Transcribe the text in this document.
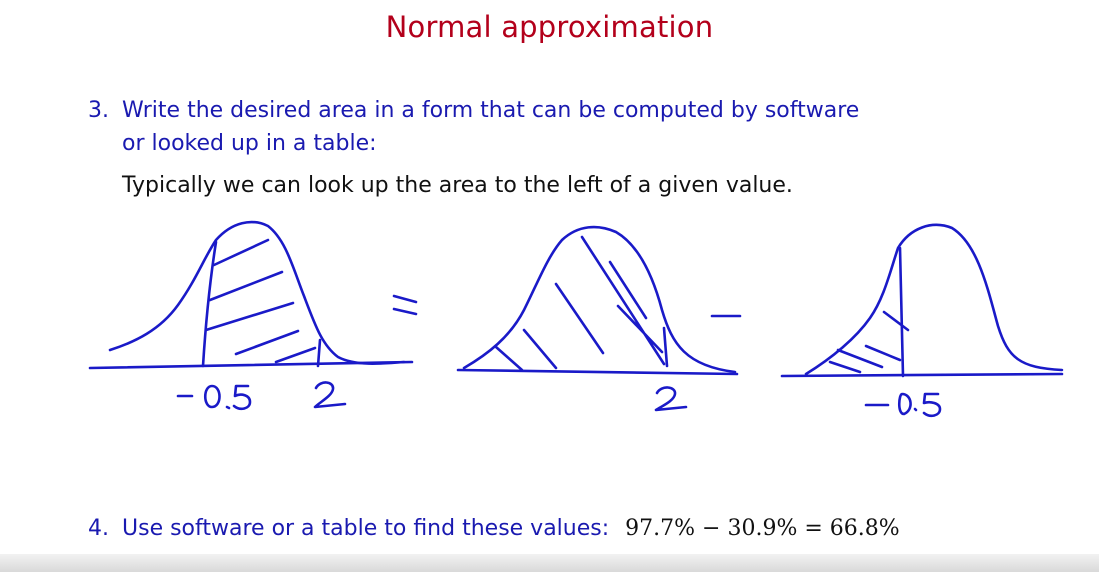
Normal approximation
3. Write the desired area in a form that can be computed by software
or looked up in a table:
Typically we can look up the area to the left of a given value.
4. Use software or a table to find these values: 97.7% − 30.9% = 66.8%
